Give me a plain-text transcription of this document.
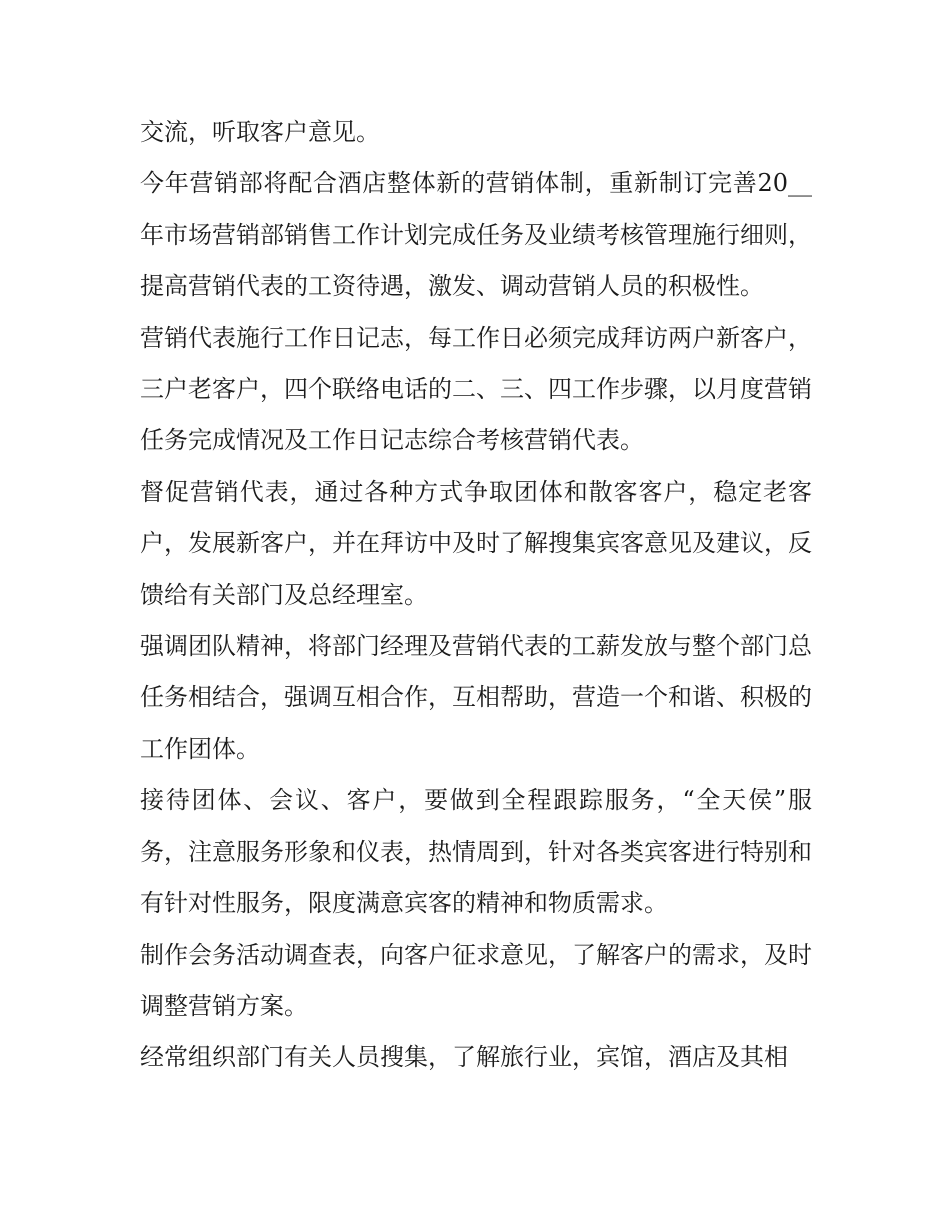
交流，听取客户意见。

今年营销部将配合酒店整体新的营销体制，重新制订完善20__年市场营销部销售工作计划完成任务及业绩考核管理施行细则，提高营销代表的工资待遇，激发、调动营销人员的积极性。

营销代表施行工作日记志，每工作日必须完成拜访两户新客户，三户老客户，四个联络电话的二、三、四工作步骤，以月度营销任务完成情况及工作日记志综合考核营销代表。

督促营销代表，通过各种方式争取团体和散客客户，稳定老客户，发展新客户，并在拜访中及时了解搜集宾客意见及建议，反馈给有关部门及总经理室。

强调团队精神，将部门经理及营销代表的工薪发放与整个部门总任务相结合，强调互相合作，互相帮助，营造一个和谐、积极的工作团体。

接待团体、会议、客户，要做到全程跟踪服务，“全天侯”服务，注意服务形象和仪表，热情周到，针对各类宾客进行特别和有针对性服务，限度满意宾客的精神和物质需求。

制作会务活动调查表，向客户征求意见，了解客户的需求，及时调整营销方案。

经常组织部门有关人员搜集，了解旅行业，宾馆，酒店及其相
